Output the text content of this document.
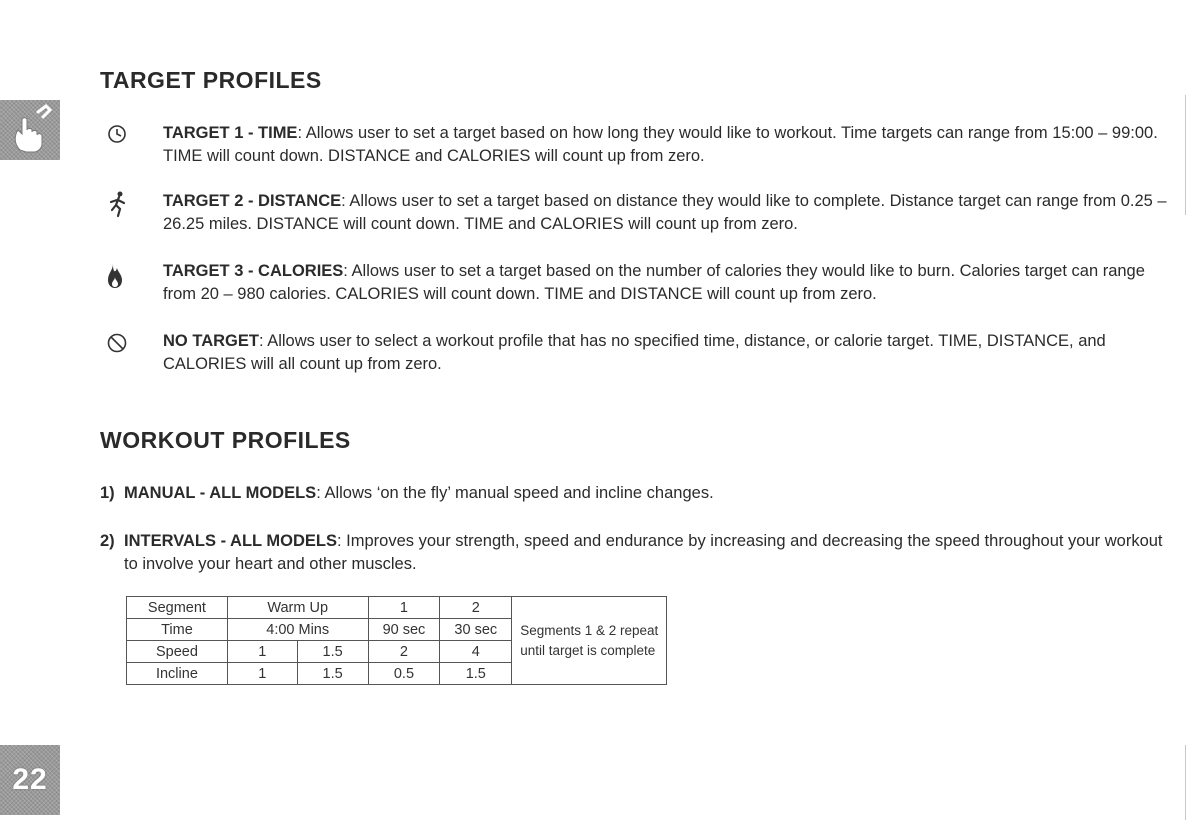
22
TARGET PROFILES
TARGET 1 - TIME: Allows user to set a target based on how long they would like to workout. Time targets can range from 15:00 – 99:00. TIME will count down. DISTANCE and CALORIES will count up from zero.
TARGET 2 - DISTANCE: Allows user to set a target based on distance they would like to complete. Distance target can range from 0.25 – 26.25 miles. DISTANCE will count down. TIME and CALORIES will count up from zero.
TARGET 3 - CALORIES: Allows user to set a target based on the number of calories they would like to burn. Calories target can range from 20 – 980 calories. CALORIES will count down. TIME and DISTANCE will count up from zero.
NO TARGET: Allows user to select a workout profile that has no specified time, distance, or calorie target. TIME, DISTANCE, and CALORIES will all count up from zero.
WORKOUT PROFILES
1) MANUAL - ALL MODELS: Allows ‘on the fly’ manual speed and incline changes.
2) INTERVALS - ALL MODELS: Improves your strength, speed and endurance by increasing and decreasing the speed throughout your workout to involve your heart and other muscles.
Segment	Warm Up		1	2	Segments 1 & 2 repeat until target is complete
Time	4:00 Mins		90 sec	30 sec	
Speed	1	1.5	2	4	
Incline	1	1.5	0.5	1.5	
